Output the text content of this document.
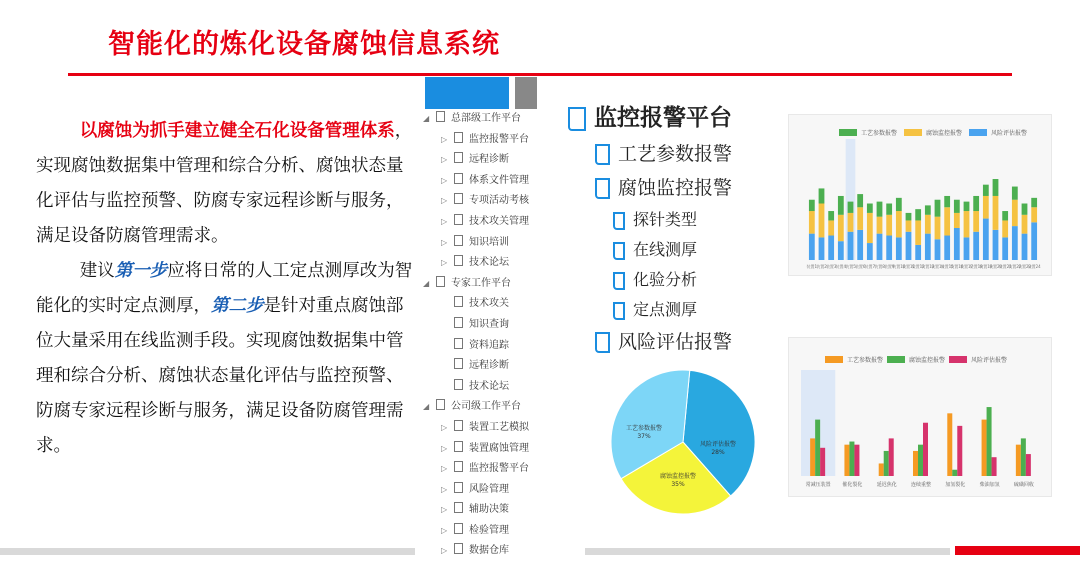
智能化的炼化设备腐蚀信息系统

以腐蚀为抓手建立健全石化设备管理体系，实现腐蚀数据集中管理和综合分析、腐蚀状态量化评估与监控预警、防腐专家远程诊断与服务，满足设备防腐管理需求。

建议第一步应将日常的人工定点测厚改为智能化的实时定点测厚，第二步是针对重点腐蚀部位大量采用在线监测手段。实现腐蚀数据集中管理和综合分析、腐蚀状态量化评估与监控预警、防腐专家远程诊断与服务，满足设备防腐管理需求。

◢ 总部级工作平台
▷ 监控报警平台
▷ 远程诊断
▷ 体系文件管理
▷ 专项活动考核
▷ 技术攻关管理
▷ 知识培训
▷ 技术论坛
◢ 专家工作平台
技术攻关
知识查询
资料追踪
远程诊断
技术论坛
◢ 公司级工作平台
▷ 装置工艺模拟
▷ 装置腐蚀管理
▷ 监控报警平台
▷ 风险管理
▷ 辅助决策
▷ 检验管理
▷ 数据仓库
监控报警平台
工艺参数报警
腐蚀监控报警
探针类型
在线测厚
化验分析
定点测厚
风险评估报警
工艺参数报警	腐蚀监控报警	风险评估报警
装置1 装置2 装置3 装置4 装置5 装置6 装置7 装置8 装置9
装置10
装置11
装置12
装置13
装置14
装置15
装置16
装置17
装置18
装置19
装置20
装置21
装置22
装置23
装置24
工艺参数报警
37%
风险评估报警
28%
腐蚀监控报警
35%
工艺参数报警	腐蚀监控报警	风险评估报警
常减压装置 催化裂化	延迟焦化	连续重整	加氢裂化	柴油加氢	硫磺回收
